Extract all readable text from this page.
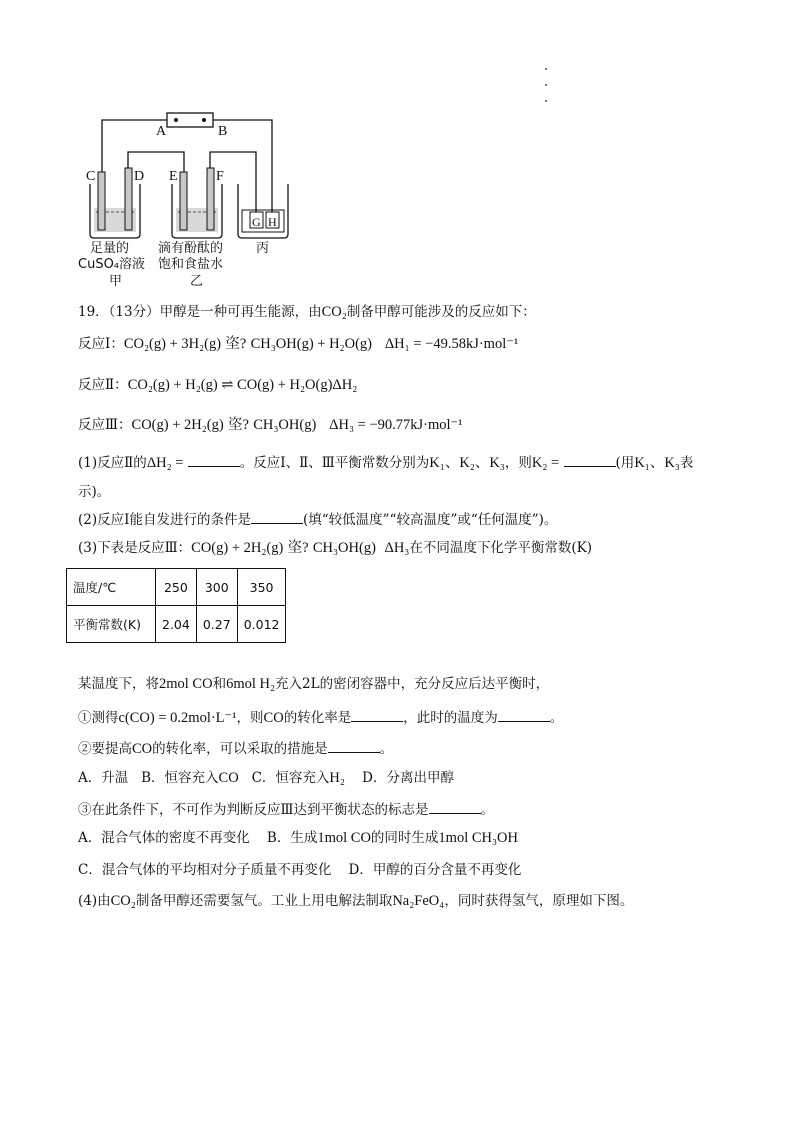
A	B
C	D E	F
G H
足量的
CuSO₄溶液
甲
滴有酚酞的
饱和食盐水
乙
丙
19．（13分）甲醇是一种可再生能源，由CO₂制备甲醇可能涉及的反应如下：
反应Ⅰ：CO₂(g) + 3H₂(g) 垐? CH₃OH(g) + H₂O(g) ΔH₁ = −49.58kJ·mol⁻¹
反应Ⅱ：CO₂(g) + H₂(g) ⇌ CO(g) + H₂O(g)ΔH₂
反应Ⅲ：CO(g) + 2H₂(g) 垐? CH₃OH(g) ΔH₃ = −90.77kJ·mol⁻¹
(1)反应Ⅱ的ΔH₂ =	。反应Ⅰ、Ⅱ、Ⅲ平衡常数分别为K₁、K₂、K₃，则K₂ =	(用K₁、K₃表
示)。
(2)反应Ⅰ能自发进行的条件是	(填“较低温度”“较高温度”或“任何温度”)。
(3)下表是反应Ⅲ：CO(g) + 2H₂(g) 垐? CH₃OH(g) ΔH₃在不同温度下化学平衡常数(K)
温度/℃	250	300	350
平衡常数(K)	2.04	0.27	0.012
某温度下，将2mol CO和6mol H₂充入2L的密闭容器中，充分反应后达平衡时，
①测得c(CO) = 0.2mol·L⁻¹，则CO的转化率是	，此时的温度为	。
②要提高CO的转化率，可以采取的措施是	。
A．升温 B．恒容充入CO C．恒容充入H₂ D．分离出甲醇
③在此条件下，不可作为判断反应Ⅲ达到平衡状态的标志是	。
A．混合气体的密度不再变化 B．生成1mol CO的同时生成1mol CH₃OH
C．混合气体的平均相对分子质量不再变化 D．甲醇的百分含量不再变化
(4)由CO₂制备甲醇还需要氢气。工业上用电解法制取Na₂FeO₄，同时获得氢气，原理如下图。
